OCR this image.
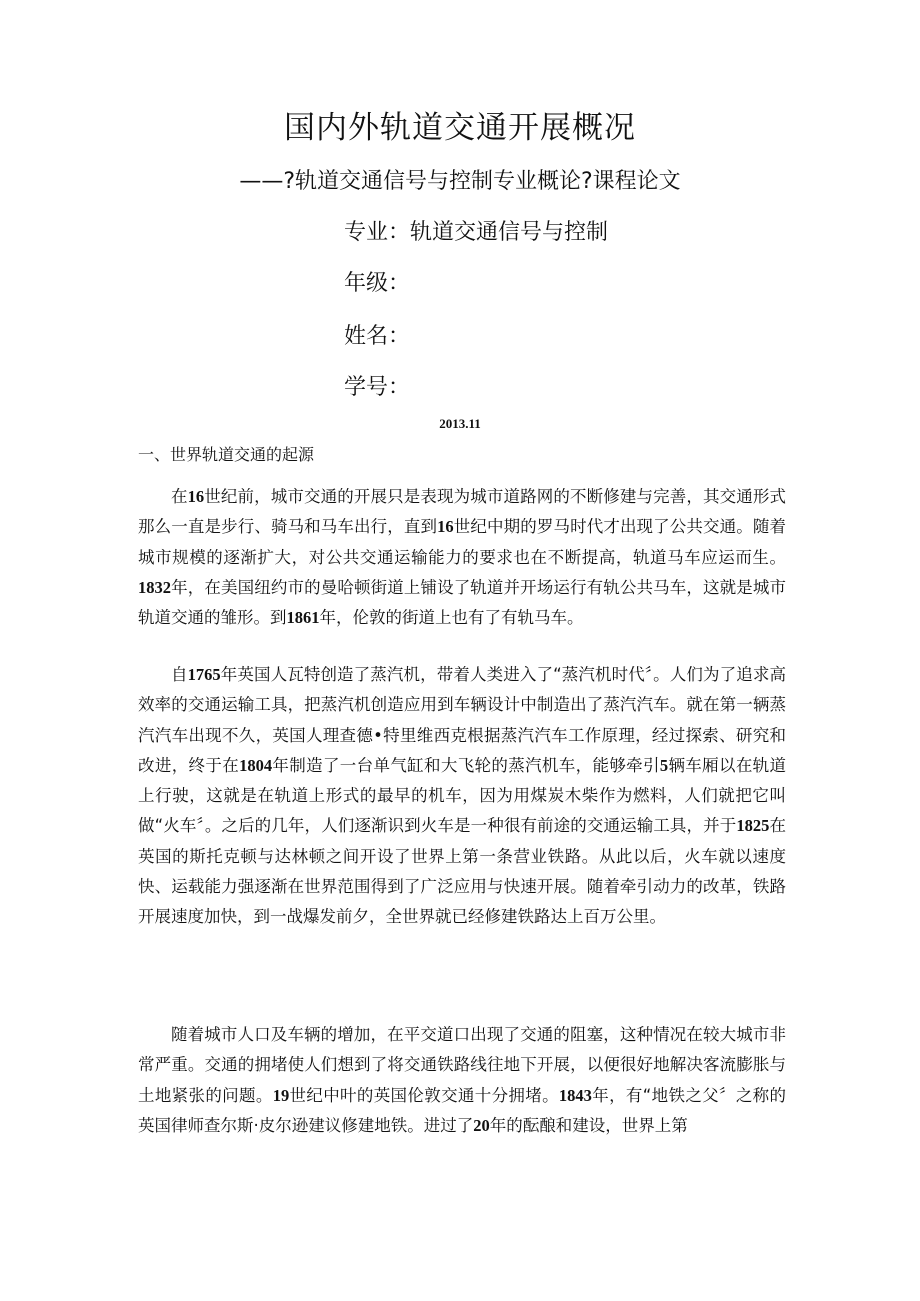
国内外轨道交通开展概况
——?轨道交通信号与控制专业概论?课程论文
专业：轨道交通信号与控制
年级：
姓名：
学号：
2013.11
一、世界轨道交通的起源

在16世纪前，城市交通的开展只是表现为城市道路网的不断修建与完善，其交通形式那么一直是步行、骑马和马车出行，直到16世纪中期的罗马时代才出现了公共交通。随着城市规模的逐渐扩大，对公共交通运输能力的要求也在不断提高，轨道马车应运而生。1832年，在美国纽约市的曼哈顿街道上铺设了轨道并开场运行有轨公共马车，这就是城市轨道交通的雏形。到1861年，伦敦的街道上也有了有轨马车。

自1765年英国人瓦特创造了蒸汽机，带着人类进入了“蒸汽机时代〞。人们为了追求高效率的交通运输工具，把蒸汽机创造应用到车辆设计中制造出了蒸汽汽车。就在第一辆蒸汽汽车出现不久，英国人理查德•特里维西克根据蒸汽汽车工作原理，经过探索、研究和改进，终于在1804年制造了一台单气缸和大飞轮的蒸汽机车，能够牵引5辆车厢以在轨道上行驶，这就是在轨道上形式的最早的机车，因为用煤炭木柴作为燃料，人们就把它叫做“火车〞。之后的几年，人们逐渐识到火车是一种很有前途的交通运输工具，并于1825在英国的斯托克顿与达林顿之间开设了世界上第一条营业铁路。从此以后，火车就以速度快、运载能力强逐渐在世界范围得到了广泛应用与快速开展。随着牵引动力的改革，铁路开展速度加快，到一战爆发前夕，全世界就已经修建铁路达上百万公里。

随着城市人口及车辆的增加，在平交道口出现了交通的阻塞，这种情况在较大城市非常严重。交通的拥堵使人们想到了将交通铁路线往地下开展，以便很好地解决客流膨胀与土地紧张的问题。19世纪中叶的英国伦敦交通十分拥堵。1843年，有“地铁之父〞之称的英国律师查尔斯·皮尔逊建议修建地铁。进过了20年的酝酿和建设，世界上第
